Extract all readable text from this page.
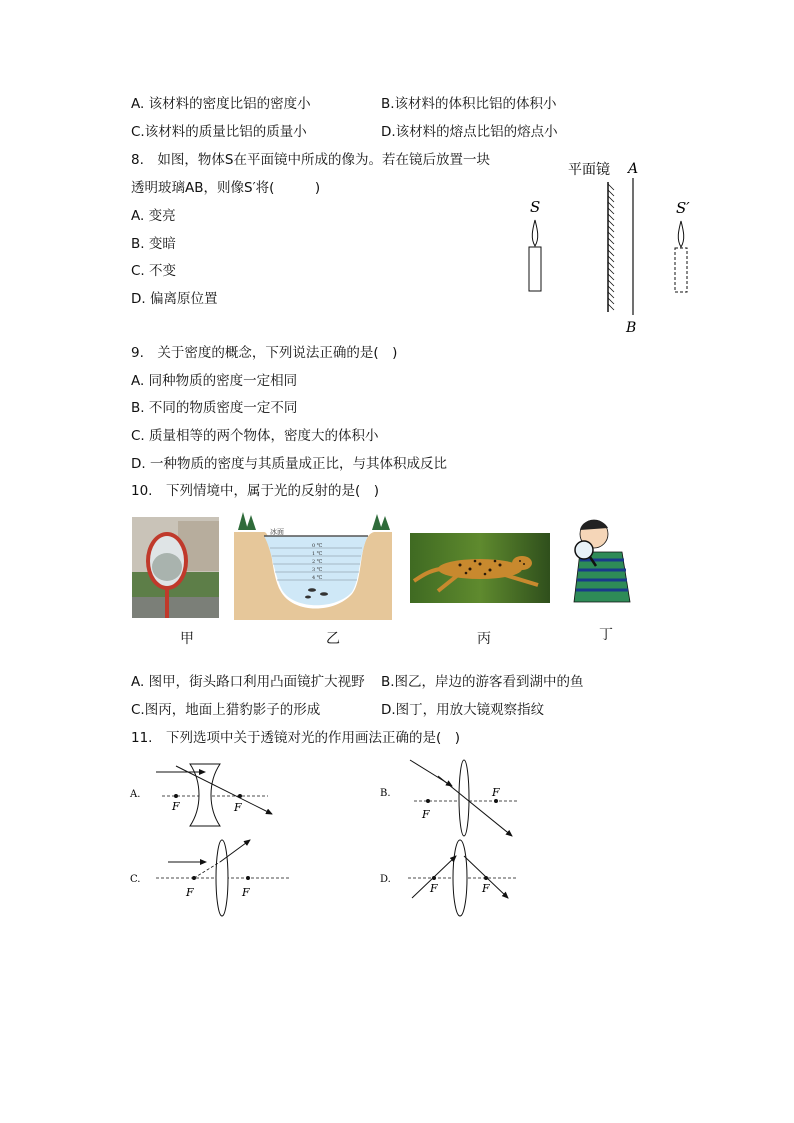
A. 该材料的密度比铝的密度小	B.该材料的体积比铝的体积小
C.该材料的质量比铝的质量小	D.该材料的熔点比铝的熔点小
8.　如图，物体S在平面镜中所成的像为。若在镜后放置一块
透明玻璃AB，则像S′将(　　　)
A. 变亮
B. 变暗
C. 不变
D. 偏离原位置
平面镜 A
B
S	S′
9.　关于密度的概念，下列说法正确的是(　)
A. 同种物质的密度一定相同
B. 不同的物质密度一定不同
C. 质量相等的两个物体，密度大的体积小
D. 一种物质的密度与其质量成正比，与其体积成反比
10.　下列情境中，属于光的反射的是(　)
甲
冰面
0 ℃
1 ℃
2 ℃
3 ℃
4 ℃
乙	丙	丁
A. 图甲，街头路口利用凸面镜扩大视野 B.图乙，岸边的游客看到湖中的鱼
C.图丙，地面上猎豹影子的形成	D.图丁，用放大镜观察指纹
11.　下列选项中关于透镜对光的作用画法正确的是(　)
A.
F	F
B.
F
F
C.
F	F
D.
F	F
